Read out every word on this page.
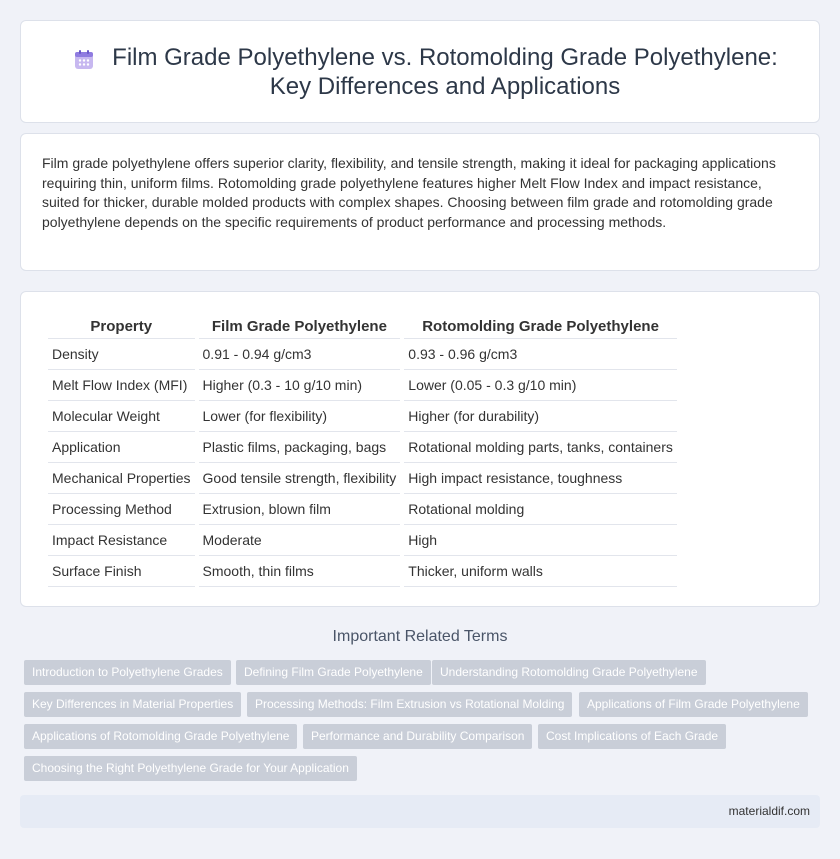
Film Grade Polyethylene vs. Rotomolding Grade Polyethylene: Key Differences and Applications

Film grade polyethylene offers superior clarity, flexibility, and tensile strength, making it ideal for packaging applications requiring thin, uniform films. Rotomolding grade polyethylene features higher Melt Flow Index and impact resistance, suited for thicker, durable molded products with complex shapes. Choosing between film grade and rotomolding grade polyethylene depends on the specific requirements of product performance and processing methods.

Property	Film Grade Polyethylene	Rotomolding Grade Polyethylene
Density	0.91 - 0.94 g/cm3	0.93 - 0.96 g/cm3
Melt Flow Index (MFI)	Higher (0.3 - 10 g/10 min)	Lower (0.05 - 0.3 g/10 min)
Molecular Weight	Lower (for flexibility)	Higher (for durability)
Application	Plastic films, packaging, bags	Rotational molding parts, tanks, containers
Mechanical Properties	Good tensile strength, flexibility	High impact resistance, toughness
Processing Method	Extrusion, blown film	Rotational molding
Impact Resistance	Moderate	High
Surface Finish	Smooth, thin films	Thicker, uniform walls
Important Related Terms
Introduction to Polyethylene Grades	Defining Film Grade Polyethylene	Understanding Rotomolding Grade Polyethylene
Key Differences in Material Properties	Processing Methods: Film Extrusion vs Rotational Molding	Applications of Film Grade Polyethylene
Applications of Rotomolding Grade Polyethylene	Performance and Durability Comparison	Cost Implications of Each Grade
Choosing the Right Polyethylene Grade for Your Application
materialdif.com
